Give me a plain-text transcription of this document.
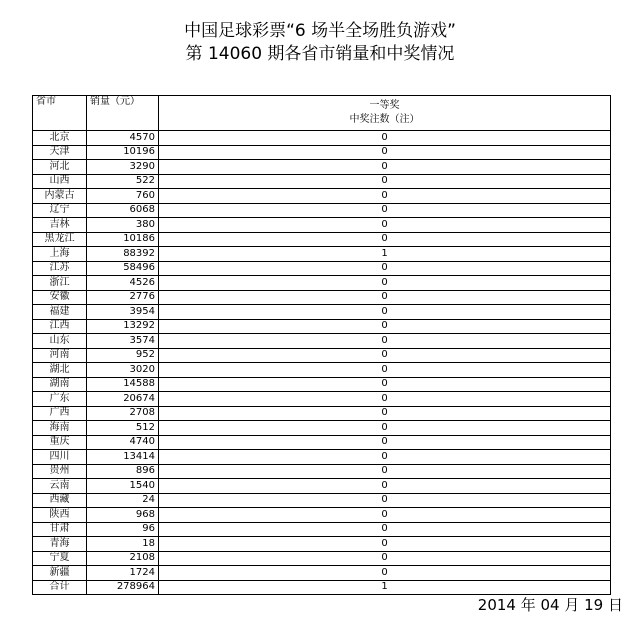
中国足球彩票“6 场半全场胜负游戏”
第 14060 期各省市销量和中奖情况
省市	销量（元）	一等奖
中奖注数（注）

北京	4570	0
天津	10196	0
河北	3290	0
山西	522	0
内蒙古	760	0
辽宁	6068	0
吉林	380	0
黑龙江	10186	0
上海	88392	1
江苏	58496	0
浙江	4526	0
安徽	2776	0
福建	3954	0
江西	13292	0
山东	3574	0
河南	952	0
湖北	3020	0
湖南	14588	0
广东	20674	0
广西	2708	0
海南	512	0
重庆	4740	0
四川	13414	0
贵州	896	0
云南	1540	0
西藏	24	0
陕西	968	0
甘肃	96	0
青海	18	0
宁夏	2108	0
新疆	1724	0
合计	278964	1
2014 年 04 月 19 日
